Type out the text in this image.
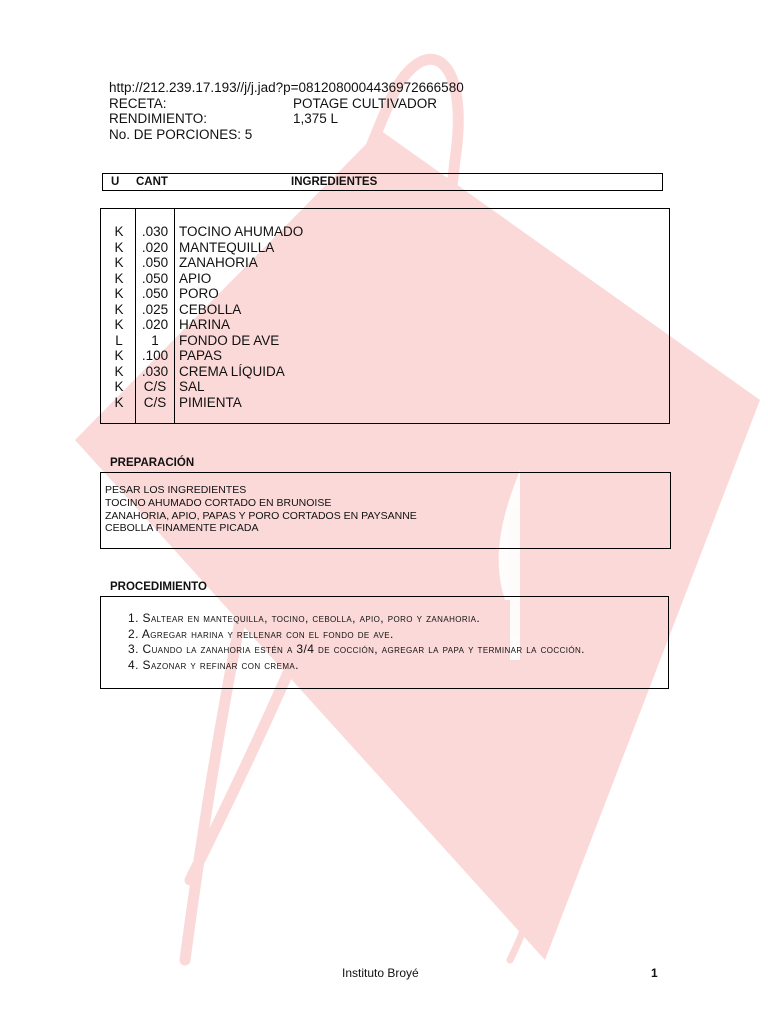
http://212.239.17.193//j/j.jad?p=0812080004436972666580
RECETA:	POTAGE CULTIVADOR
RENDIMIENTO:	1,375 L
No. DE PORCIONES: 5
U CANT	INGREDIENTES
K	.030 TOCINO AHUMADO
K	.020 MANTEQUILLA
K	.050 ZANAHORIA
K	.050 APIO
K	.050 PORO
K	.025 CEBOLLA
K	.020 HARINA
L	1	FONDO DE AVE
K	.100 PAPAS
K	.030 CREMA LÍQUIDA
K	C/S SAL
K	C/S PIMIENTA
PREPARACIÓN
PESAR LOS INGREDIENTES
TOCINO AHUMADO CORTADO EN BRUNOISE
ZANAHORIA, APIO, PAPAS Y PORO CORTADOS EN PAYSANNE
CEBOLLA FINAMENTE PICADA
PROCEDIMIENTO
1. Saltear en mantequilla, tocino, cebolla, apio, poro y zanahoria.
2. Agregar harina y rellenar con el fondo de ave.
3. Cuando la zanahoria estén a 3/4 de cocción, agregar la papa y terminar la cocción.
4. Sazonar y refinar con crema.
Instituto Broyé	1
